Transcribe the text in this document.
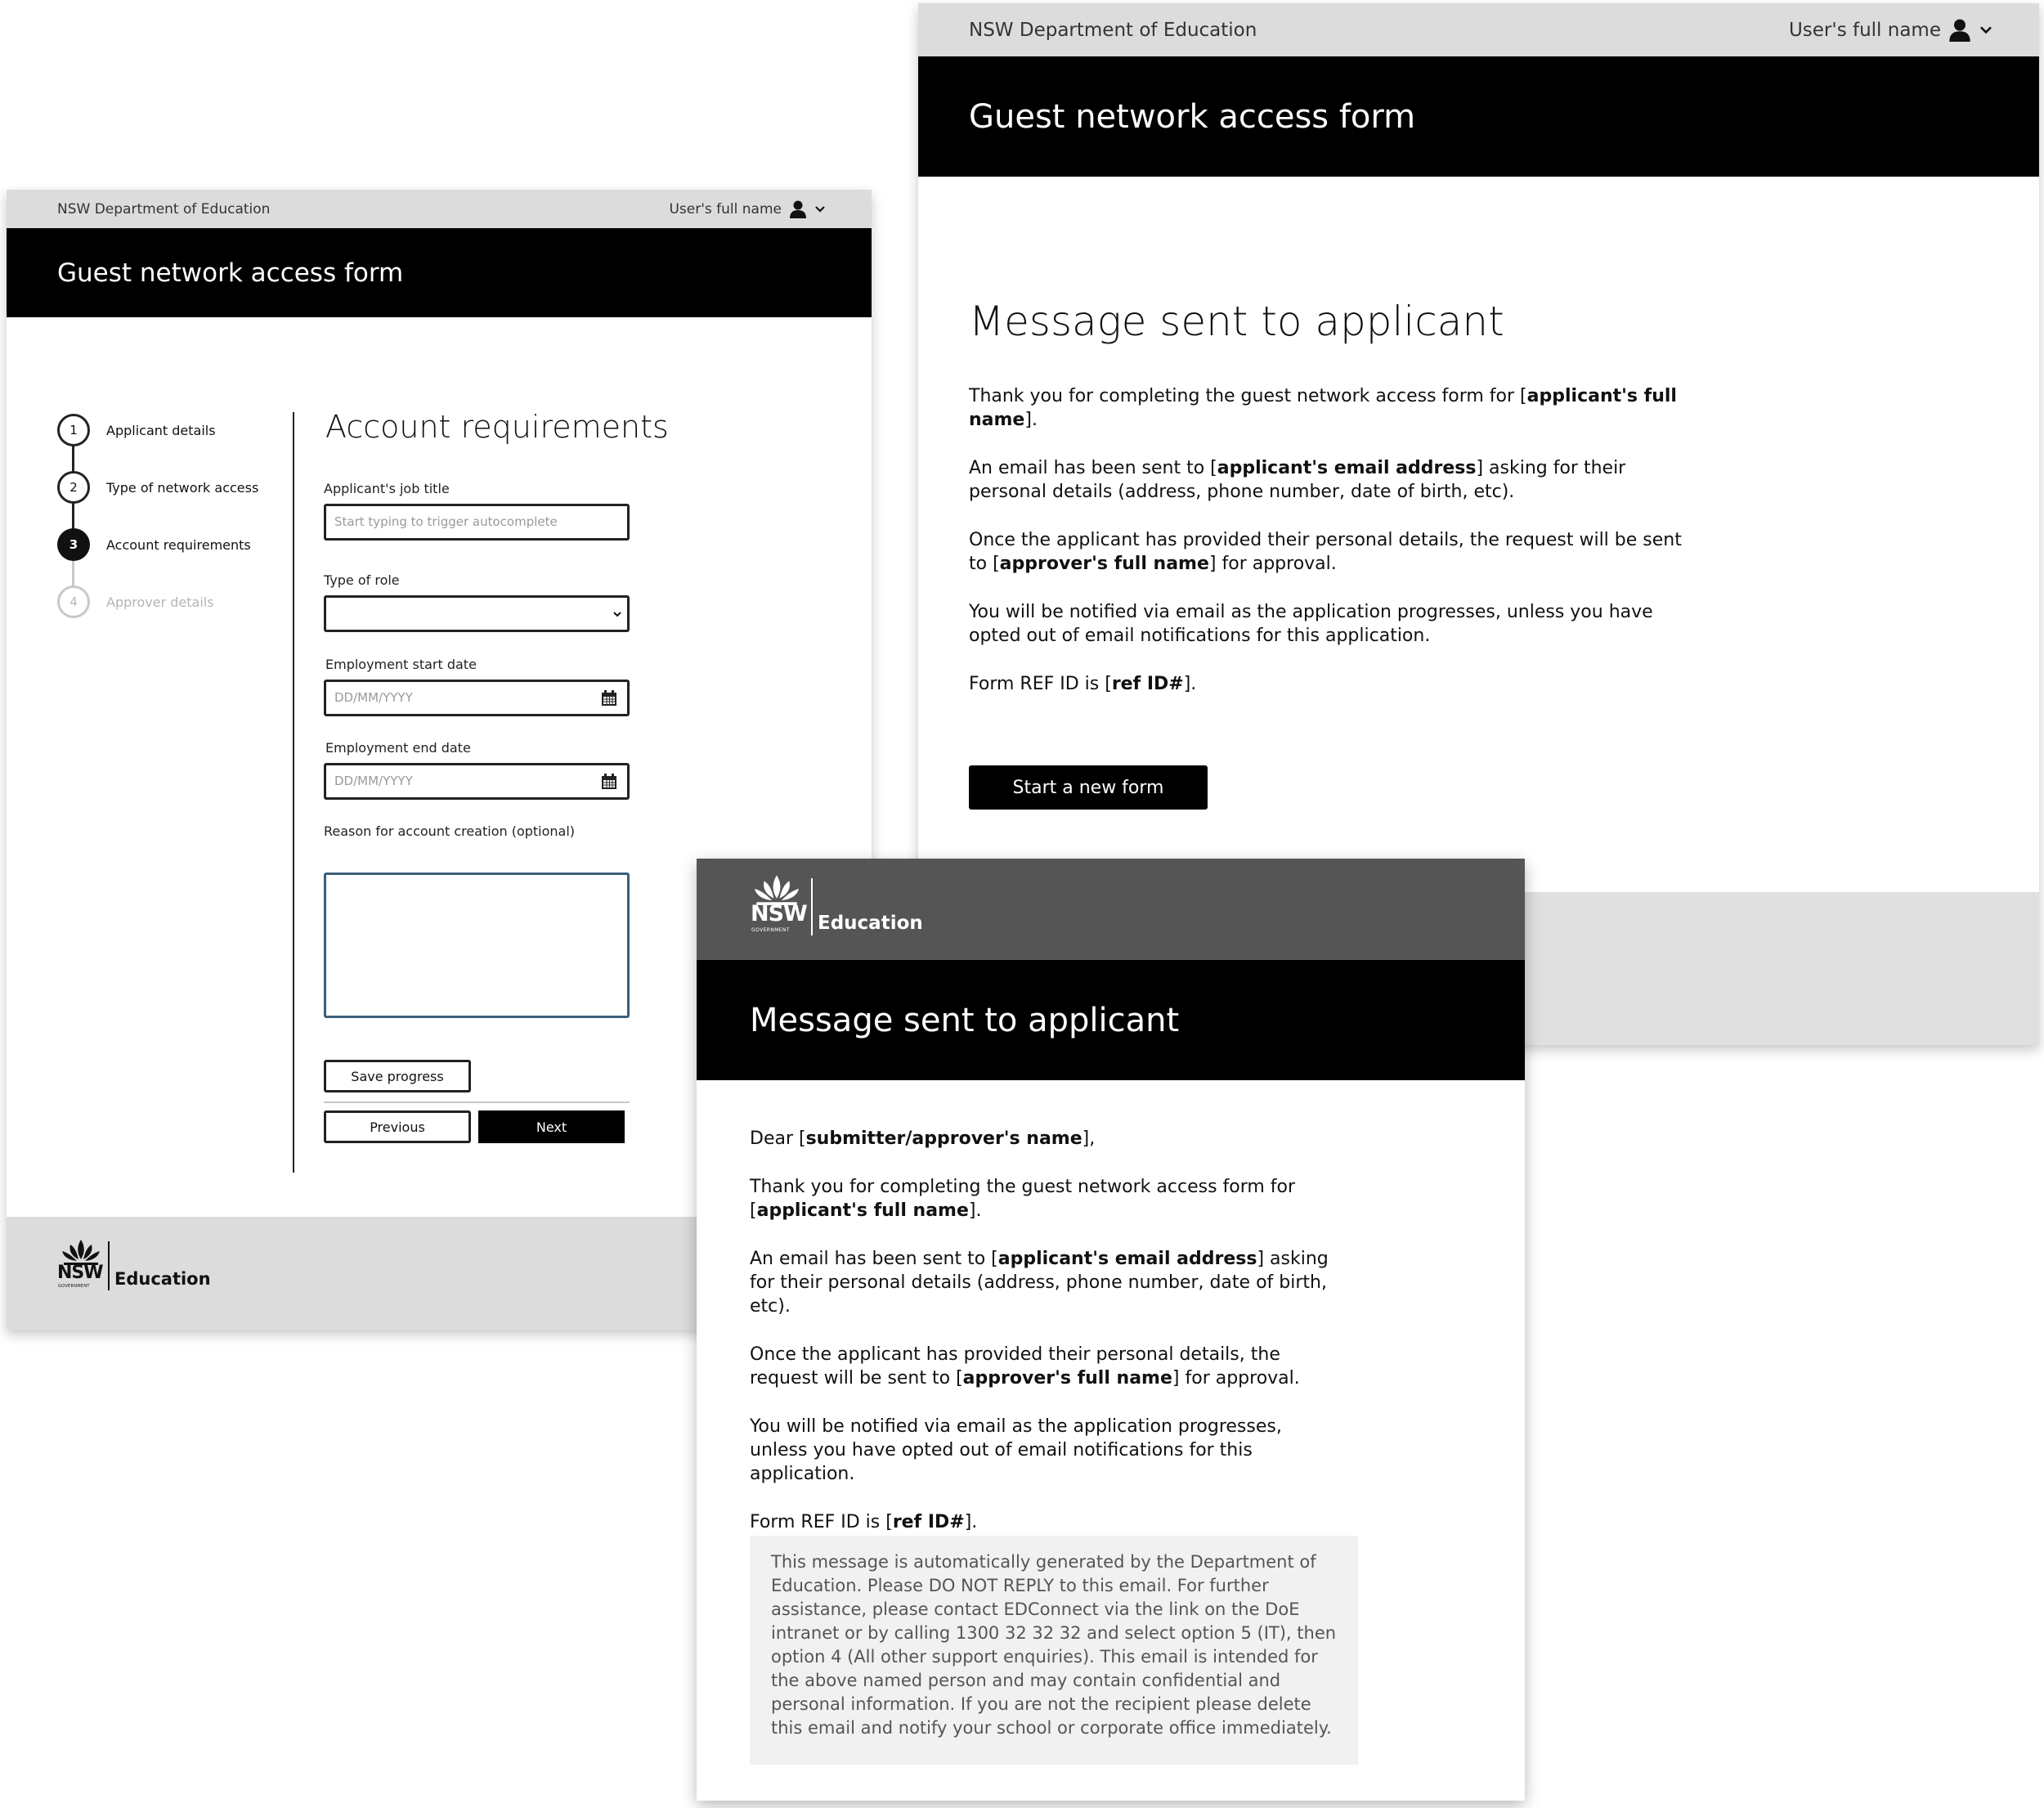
NSW Department of Education	User's full name
Guest network access form
1	Applicant details
2	Type of network access
3	Account requirements
4	Approver details
Account requirements
Applicant's job title
Start typing to trigger autocomplete
Type of role
Employment start date
DD/MM/YYYY
Employment end date
DD/MM/YYYY
Reason for account creation (optional)
Save progress
Previous	Next
NSW
GOVERNMENT Education
NSW Department of Education	User's full name
Guest network access form
Message sent to applicant

Thank you for completing the guest network access form for [applicant's full name].

An email has been sent to [applicant's email address] asking for their personal details (address, phone number, date of birth, etc).

Once the applicant has provided their personal details, the request will be sent to [approver's full name] for approval.

You will be notified via email as the application progresses, unless you have opted out of email notifications for this application.

Form REF ID is [ref ID#].

Start a new form
NSW
GOVERNMENT Education
Message sent to applicant

Dear [submitter/approver's name],

Thank you for completing the guest network access form for [applicant's full name].

An email has been sent to [applicant's email address] asking for their personal details (address, phone number, date of birth, etc).

Once the applicant has provided their personal details, the request will be sent to [approver's full name] for approval.

You will be notified via email as the application progresses, unless you have opted out of email notifications for this application.

Form REF ID is [ref ID#].

This message is automatically generated by the Department of Education. Please DO NOT REPLY to this email. For further assistance, please contact EDConnect via the link on the DoE intranet or by calling 1300 32 32 32 and select option 5 (IT), then option 4 (All other support enquiries). This email is intended for the above named person and may contain confidential and personal information. If you are not the recipient please delete this email and notify your school or corporate office immediately.
